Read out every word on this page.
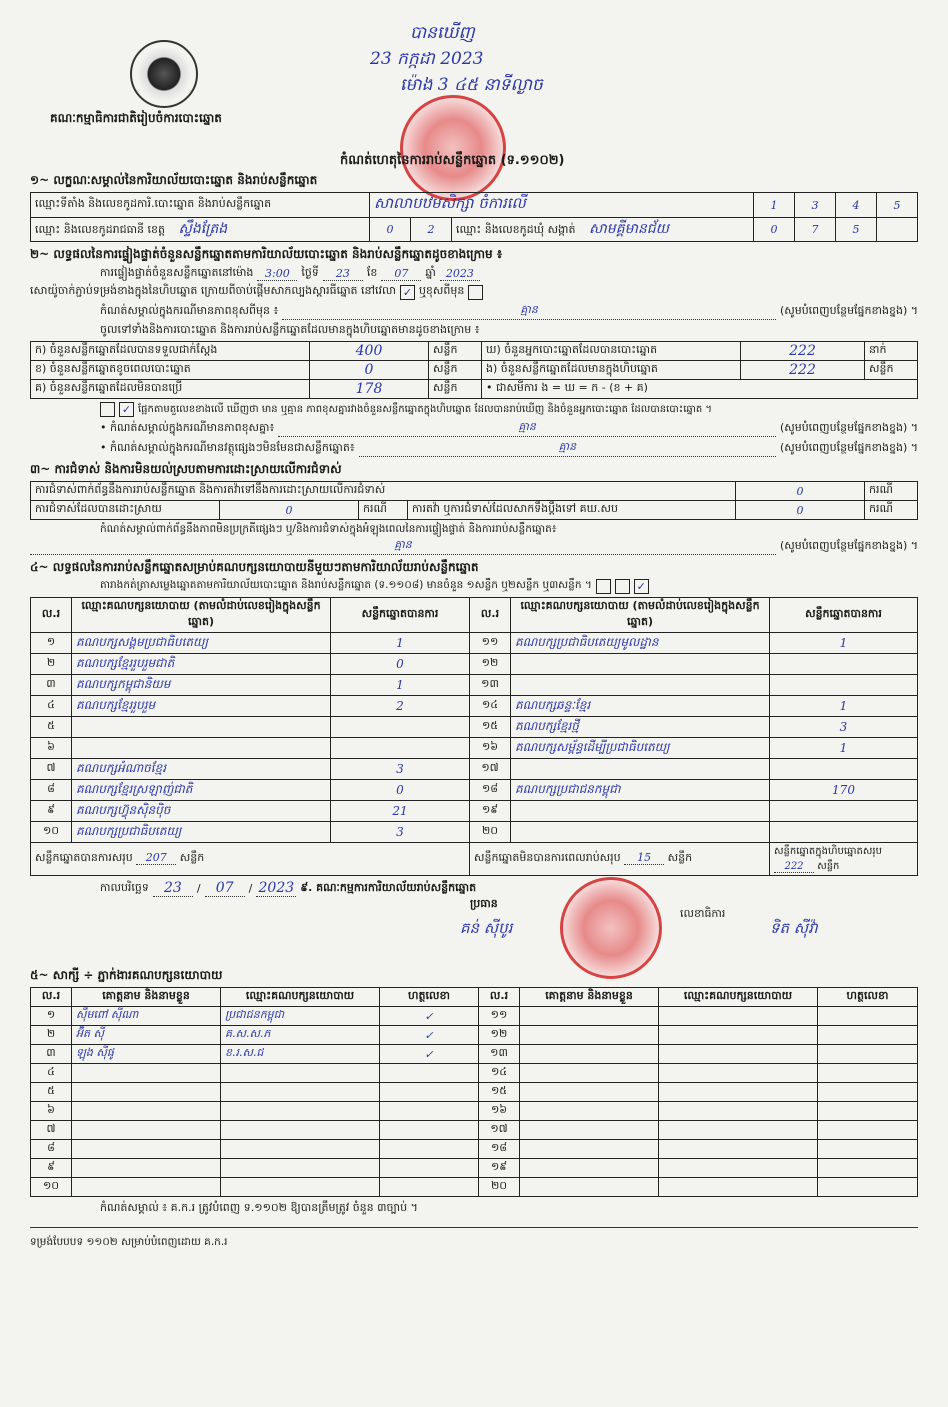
គណៈកម្មាធិការជាតិរៀបចំការបោះឆ្នោត
បានឃើញ
23 កក្កដា 2023
ម៉ោង 3 ៤៥ នាទីល្ងាច
កំណត់ហេតុនៃការរាប់សន្លឹកឆ្នោត (ទ.១១០២)
១~ លក្ខណៈសម្គាល់នៃការិយាល័យបោះឆ្នោត និងរាប់សន្លឹកឆ្នោត
ឈ្មោះទីតាំង និងលេខកូដការិ.បោះឆ្នោត និងរាប់សន្លឹកឆ្នោត	សាលាបឋមសិក្សា ចំការលើ			1	3	4	5
ឈ្មោះ និងលេខកូដរាជធានី ខេត្ត ស្ទឹងត្រែង	0	2	ឈ្មោះ និងលេខកូដឃុំ សង្កាត់ សាមគ្គីមានជ័យ	0	7	5	
២~ លទ្ធផលនៃការផ្ទៀងផ្ទាត់ចំនួនសន្លឹកឆ្នោតតាមការិយាល័យបោះឆ្នោត និងរាប់សន្លឹកឆ្នោតដូចខាងក្រោម ៖
ការផ្ទៀងផ្ទាត់ចំនួនសន្លឹកឆ្នោតនៅម៉ោង	3:00	ថ្ងៃទី	23	ខែ	07	ឆ្នាំ 2023
សោយ៉ូចាក់ភ្ជាប់ទម្រង់ខាងក្នុងនៃហិបឆ្នោត ក្រោយពីចាប់ផ្តើមសាកល្បងស្តារធីឆ្នោត នៅវេលា ✓ ឬខុសពីមុន
កំណត់សម្គាល់ក្នុងករណីមានភាពខុសពីមុន ៖	គ្មាន	(សូមបំពេញបន្ថែមផ្នែកខាងខ្នង) ។
ចូលទៅទាំងនិងការបោះឆ្នោត និងការរាប់សន្លឹកឆ្នោតដែលមានក្នុងហិបឆ្នោតមានដូចខាងក្រោម ៖
ក) ចំនួនសន្លឹកឆ្នោតដែលបានទទួលជាក់ស្តែង	400	សន្លឹក	ឃ) ចំនួនអ្នកបោះឆ្នោតដែលបានបោះឆ្នោត	222	នាក់
ខ) ចំនួនសន្លឹកឆ្នោតខូចពេលបោះឆ្នោត	0	សន្លឹក	ង) ចំនួនសន្លឹកឆ្នោតដែលមានក្នុងហិបឆ្នោត	222	សន្លឹក
គ) ចំនួនសន្លឹកឆ្នោតដែលមិនបានប្រើ	178	សន្លឹក	• ជាសមីការ ង = ឃ = ក - (ខ + គ)		
✓ ផ្អែកតាមតួលេខខាងលើ ឃើញថា មាន ឬគ្មាន ភាពខុសគ្នារវាងចំនួនសន្លឹកឆ្នោតក្នុងហិបឆ្នោត ដែលបានរាប់ឃើញ និងចំនួនអ្នកបោះឆ្នោត ដែលបានបោះឆ្នោត ។
• កំណត់សម្គាល់ក្នុងករណីមានភាពខុសគ្នា៖	គ្មាន	(សូមបំពេញបន្ថែមផ្នែកខាងខ្នង) ។
• កំណត់សម្គាល់ក្នុងករណីមានវត្ថុផ្សេងៗមិនមែនជាសន្លឹកឆ្នោត៖	គ្មាន	(សូមបំពេញបន្ថែមផ្នែកខាងខ្នង) ។
៣~ ការជំទាស់ និងការមិនយល់ស្របតាមការដោះស្រាយលើការជំទាស់
ការជំទាស់ពាក់ព័ន្ធនឹងការរាប់សន្លឹកឆ្នោត និងការតវ៉ាទៅនឹងការដោះស្រាយលើការជំទាស់				0	ករណី
ការជំទាស់ដែលបានដោះស្រាយ	0	ករណី	ការតវ៉ា ឬការជំទាស់ដែលសាកទឹងប្តឹងទៅ គឃ.សប	0	ករណី
កំណត់សម្គាល់ពាក់ព័ន្ធនឹងភាពមិនប្រក្រតីផ្សេងៗ ឬ/និងការជំទាស់ក្នុងអំឡុងពេលនៃការផ្ទៀងផ្ទាត់ និងការរាប់សន្លឹកឆ្នោត៖
គ្មាន	(សូមបំពេញបន្ថែមផ្នែកខាងខ្នង) ។
៤~ លទ្ធផលនៃការរាប់សន្លឹកឆ្នោតសម្រាប់គណបក្សនយោបាយនីមួយៗតាមការិយាល័យរាប់សន្លឹកឆ្នោត
តារាងកត់ត្រាសម្លេងឆ្នោតតាមការិយាល័យបោះឆ្នោត និងរាប់សន្លឹកឆ្នោត (ទ.១១០៨) មានចំនួន ១សន្លឹក ឬ២សន្លឹក ឬ៣សន្លឹក ។	✓
ល.រ	ឈ្មោះគណបក្សនយោបាយ (តាមលំដាប់លេខរៀងក្នុងសន្លឹកឆ្នោត)	សន្លឹកឆ្នោតបានការ	ល.រ	ឈ្មោះគណបក្សនយោបាយ (តាមលំដាប់លេខរៀងក្នុងសន្លឹកឆ្នោត)	សន្លឹកឆ្នោតបានការ
១	គណបក្សសង្គមប្រជាធិបតេយ្យ	1	១១	គណបក្សប្រជាធិបតេយ្យមូលដ្ឋាន	1
២	គណបក្សខ្មែររួបរួមជាតិ	0	១២		
៣	គណបក្សកម្ពុជានិយម	1	១៣		
៤	គណបក្សខ្មែររួបរួម	2	១៤	គណបក្សឆន្ទៈខ្មែរ	1
៥			១៥	គណបក្សខ្មែរថ្មី	3
៦			១៦	គណបក្សសម្ព័ន្ធដើម្បីប្រជាធិបតេយ្យ	1
៧	គណបក្សអំណាចខ្មែរ	3	១៧		
៨	គណបក្សខ្មែរស្រឡាញ់ជាតិ	0	១៨	គណបក្សប្រជាជនកម្ពុជា	170
៩	គណបក្សហ៊្វុនស៊ិនប៉ិច	21	១៩		
១០	គណបក្សប្រជាធិបតេយ្យ	3	២០		
សន្លឹកឆ្នោតបានការសរុប 207 សន្លឹក			សន្លឹកឆ្នោតមិនបានការពេលរាប់សរុប 15 សន្លឹក		សន្លឹកឆ្នោតក្នុងហិបឆ្នោតសរុប 222 សន្លឹក
កាលបរិច្ឆេទ	23	/	07	/ 2023 ៩. គណៈកម្មការការិយាល័យរាប់សន្លឹកឆ្នោត
ប្រធាន
គន់ ស៊ីបូរ
លេខាធិការ
ទិត ស៊ីវ៉ា
៥~ សាក្សី ÷ ភ្នាក់ងារគណបក្សនយោបាយ
ល.រ	គោត្តនាម និងនាមខ្លួន	ឈ្មោះគណបក្សនយោបាយ	ហត្ថលេខា	ល.រ	គោត្តនាម និងនាមខ្លួន	ឈ្មោះគណបក្សនយោបាយ	ហត្ថលេខា
១	ស៊ឹមពៅ ស៊ីណា	ប្រជាជនកម្ពុជា	✓	១១			
២	អ៊ិត ស៊ី	គ.ស.ស.ភ	✓	១២			
៣	ឡុង ស៊ីផូ	ខ.រ.ស.ជ	✓	១៣			
៤				១៤			
៥				១៥			
៦				១៦			
៧				១៧			
៨				១៨			
៩				១៩			
១០				២០			
កំណត់សម្គាល់ ៖ គ.ក.រ ត្រូវបំពេញ ទ.១១០២ ឱ្យបានត្រឹមត្រូវ ចំនួន ៣ច្បាប់ ។
ទម្រង់បែបបទ ១១០២ សម្រាប់បំពេញដោយ គ.ក.រ
